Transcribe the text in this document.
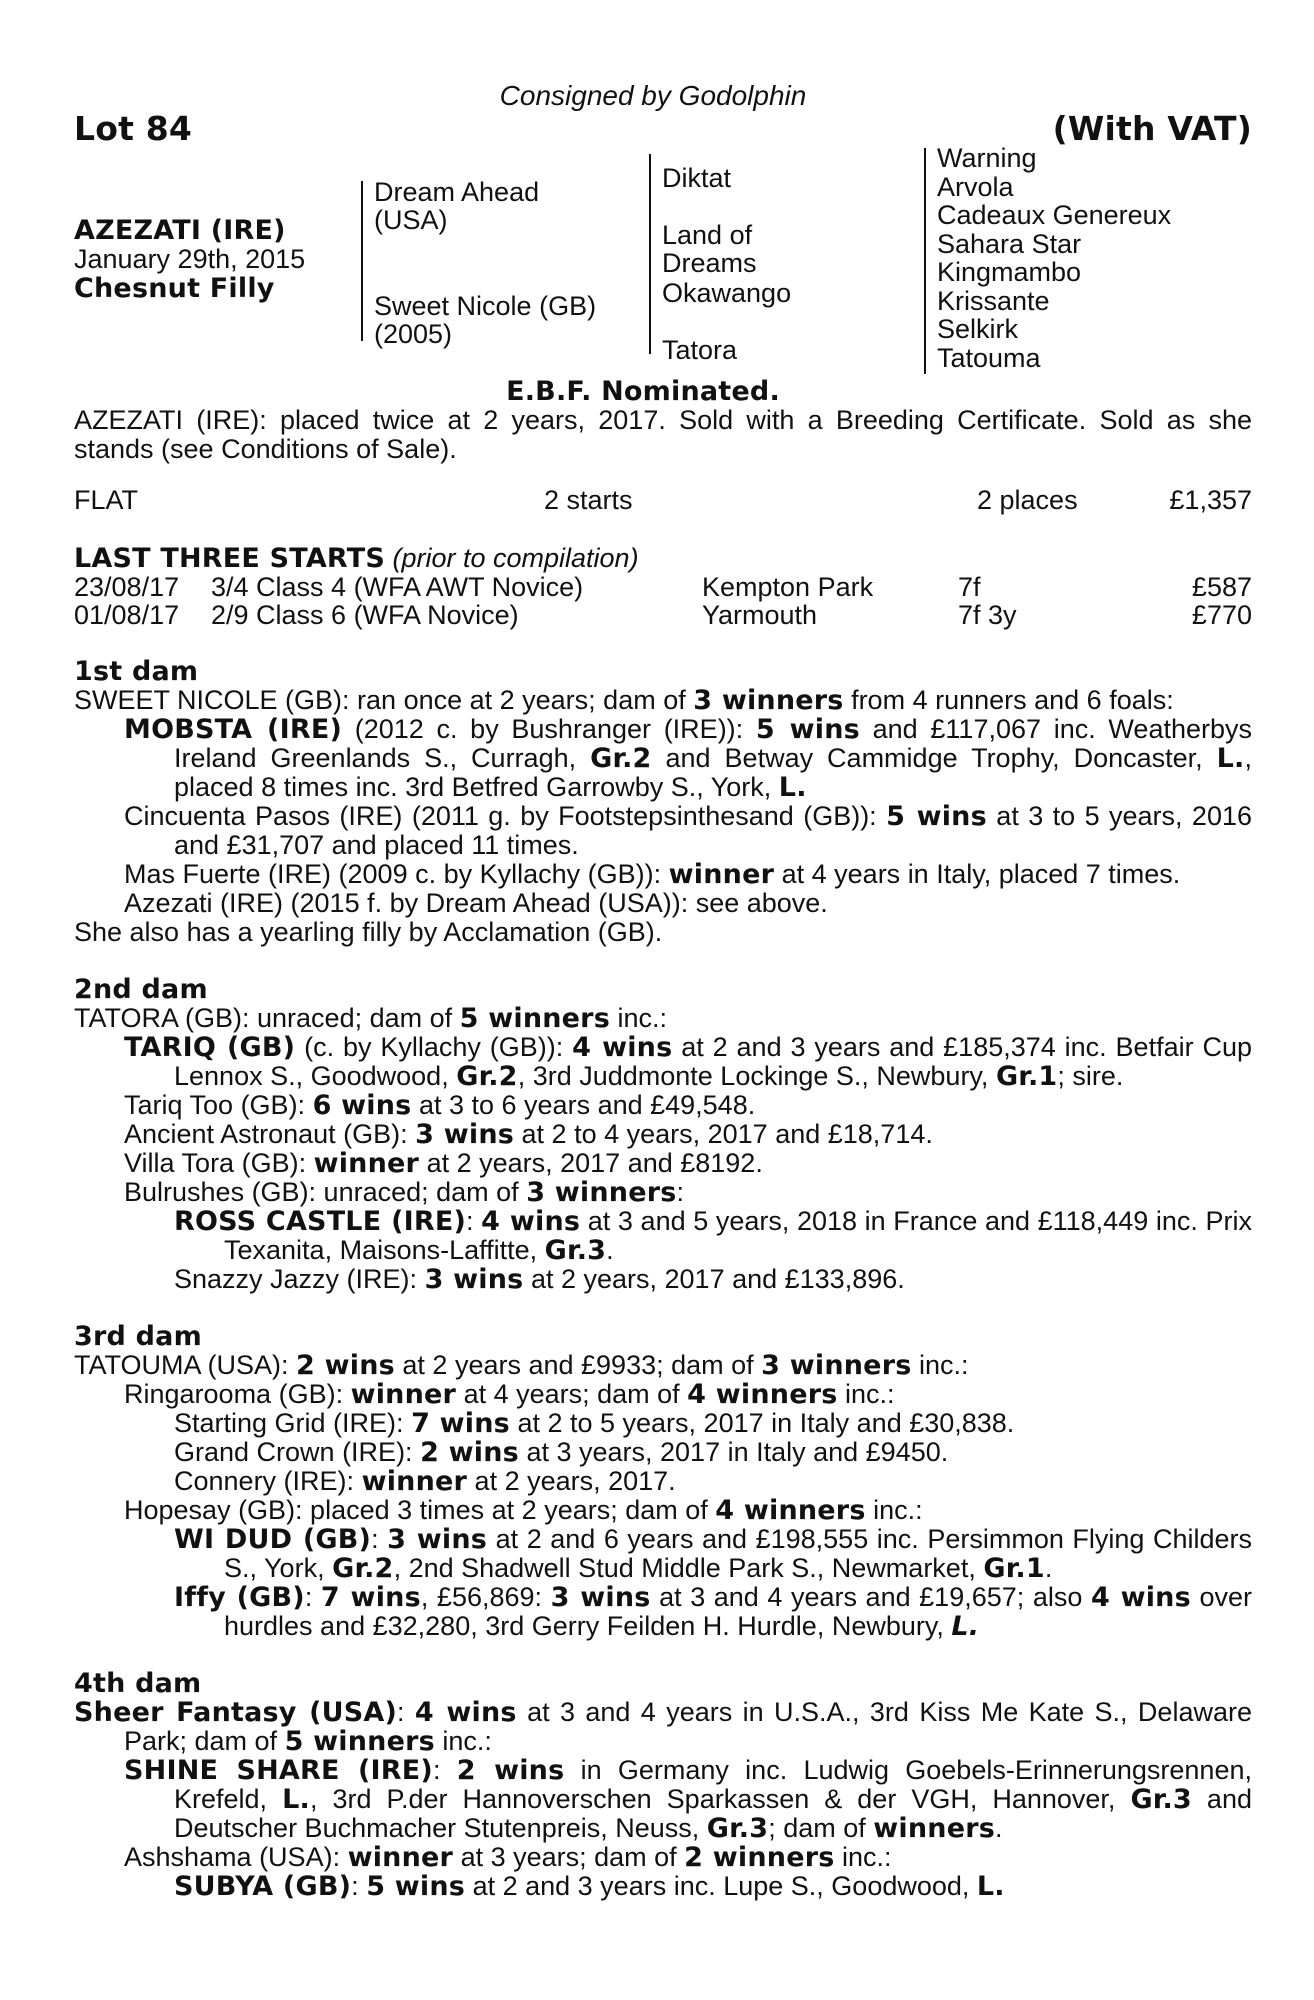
Consigned by Godolphin
Lot 84	(With VAT)
AZEZATI (IRE)
January 29th, 2015
Chesnut Filly
Dream Ahead
(USA)
Sweet Nicole (GB)
(2005)
Diktat
Land of Dreams
Okawango
Tatora
Warning
Arvola
Cadeaux Genereux
Sahara Star
Kingmambo
Krissante
Selkirk
Tatouma
E.B.F. Nominated.
AZEZATI (IRE): placed twice at 2 years, 2017. Sold with a Breeding Certificate. Sold as she stands (see Conditions of Sale).
FLAT	2 starts	2 places	£1,357
LAST THREE STARTS (prior to compilation)
23/08/17 3/4 Class 4 (WFA AWT Novice)	Kempton Park	7f	£587
01/08/17 2/9 Class 6 (WFA Novice)	Yarmouth	7f 3y	£770
1st dam
SWEET NICOLE (GB): ran once at 2 years; dam of 3 winners from 4 runners and 6 foals:
MOBSTA (IRE) (2012 c. by Bushranger (IRE)): 5 wins and £117,067 inc. Weatherbys Ireland Greenlands S., Curragh, Gr.2 and Betway Cammidge Trophy, Doncaster, L., placed 8 times inc. 3rd Betfred Garrowby S., York, L.
Cincuenta Pasos (IRE) (2011 g. by Footstepsinthesand (GB)): 5 wins at 3 to 5 years, 2016 and £31,707 and placed 11 times.
Mas Fuerte (IRE) (2009 c. by Kyllachy (GB)): winner at 4 years in Italy, placed 7 times.
Azezati (IRE) (2015 f. by Dream Ahead (USA)): see above.
She also has a yearling filly by Acclamation (GB).
2nd dam
TATORA (GB): unraced; dam of 5 winners inc.:
TARIQ (GB) (c. by Kyllachy (GB)): 4 wins at 2 and 3 years and £185,374 inc. Betfair Cup Lennox S., Goodwood, Gr.2, 3rd Juddmonte Lockinge S., Newbury, Gr.1; sire.
Tariq Too (GB): 6 wins at 3 to 6 years and £49,548.
Ancient Astronaut (GB): 3 wins at 2 to 4 years, 2017 and £18,714.
Villa Tora (GB): winner at 2 years, 2017 and £8192.
Bulrushes (GB): unraced; dam of 3 winners:
ROSS CASTLE (IRE): 4 wins at 3 and 5 years, 2018 in France and £118,449 inc. Prix Texanita, Maisons-Laffitte, Gr.3.
Snazzy Jazzy (IRE): 3 wins at 2 years, 2017 and £133,896.
3rd dam
TATOUMA (USA): 2 wins at 2 years and £9933; dam of 3 winners inc.:
Ringarooma (GB): winner at 4 years; dam of 4 winners inc.:
Starting Grid (IRE): 7 wins at 2 to 5 years, 2017 in Italy and £30,838.
Grand Crown (IRE): 2 wins at 3 years, 2017 in Italy and £9450.
Connery (IRE): winner at 2 years, 2017.
Hopesay (GB): placed 3 times at 2 years; dam of 4 winners inc.:
WI DUD (GB): 3 wins at 2 and 6 years and £198,555 inc. Persimmon Flying Childers S., York, Gr.2, 2nd Shadwell Stud Middle Park S., Newmarket, Gr.1.
Iffy (GB): 7 wins, £56,869: 3 wins at 3 and 4 years and £19,657; also 4 wins over hurdles and £32,280, 3rd Gerry Feilden H. Hurdle, Newbury, L.
4th dam
Sheer Fantasy (USA): 4 wins at 3 and 4 years in U.S.A., 3rd Kiss Me Kate S., Delaware Park; dam of 5 winners inc.:
SHINE SHARE (IRE): 2 wins in Germany inc. Ludwig Goebels-Erinnerungsrennen, Krefeld, L., 3rd P.der Hannoverschen Sparkassen & der VGH, Hannover, Gr.3 and Deutscher Buchmacher Stutenpreis, Neuss, Gr.3; dam of winners.
Ashshama (USA): winner at 3 years; dam of 2 winners inc.:
SUBYA (GB): 5 wins at 2 and 3 years inc. Lupe S., Goodwood, L.
